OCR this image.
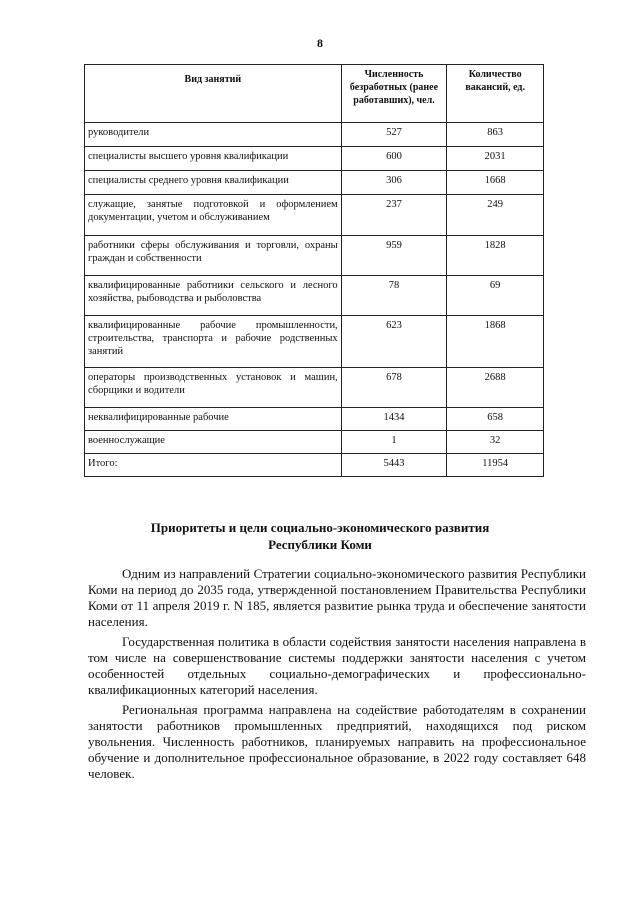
8
Вид занятий	Численность безработных (ранее работавших), чел.	Количество вакансий, ед.
руководители	527	863
специалисты высшего уровня квалификации	600	2031
специалисты среднего уровня квалификации	306	1668
служащие, занятые подготовкой и оформлением документации, учетом и обслуживанием	237	249
работники сферы обслуживания и торговли, охраны граждан и собственности	959	1828
квалифицированные работники сельского и лесного хозяйства, рыбоводства и рыболовства	78	69
квалифицированные рабочие промышленности, строительства, транспорта и рабочие родственных занятий	623	1868
операторы производственных установок и машин, сборщики и водители	678	2688
неквалифицированные рабочие	1434	658
военнослужащие	1	32
Итого:	5443	11954
Приоритеты и цели социально-экономического развития
Республики Коми

Одним из направлений Стратегии социально-экономического развития Республики Коми на период до 2035 года, утвержденной постановлением Правительства Республики Коми от 11 апреля 2019 г. N 185, является развитие рынка труда и обеспечение занятости населения.

Государственная политика в области содействия занятости населения направлена в том числе на совершенствование системы поддержки занятости населения с учетом особенностей отдельных социально-демографических и профессионально-квалификационных категорий населения.

Региональная программа направлена на содействие работодателям в сохранении занятости работников промышленных предприятий, находящихся под риском увольнения. Численность работников, планируемых направить на профессиональное обучение и дополнительное профессиональное образование, в 2022 году составляет 648 человек.
